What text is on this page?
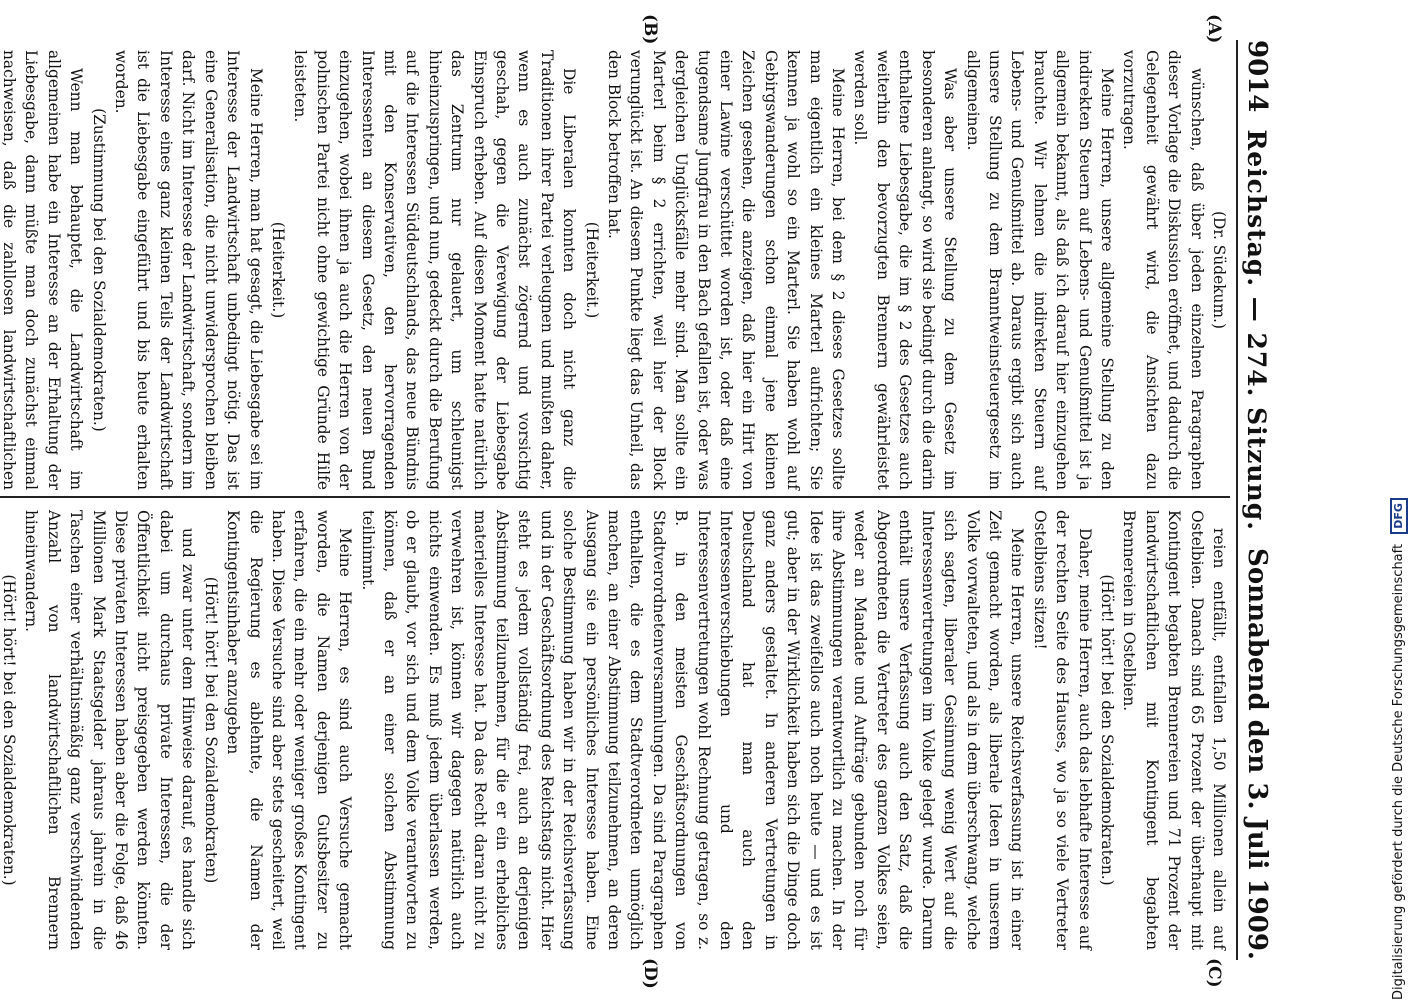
9014
Reichstag. — 274. Sitzung.
Sonnabend den 3. Juli 1909.
(A)
(B)
(C)
(D)

(Dr. Südekum.)

wünschen, daß über jeden einzelnen Paragraphen dieser Vorlage die Diskussion eröffnet, und dadurch die Gelegenheit gewährt wird, die Ansichten dazu vorzutragen.

Meine Herren, unsere allgemeine Stellung zu den indirekten Steuern auf Lebens- und Genußmittel ist ja allgemein bekannt, als daß ich darauf hier einzugehen brauchte. Wir lehnen die indirekten Steuern auf Lebens- und Genußmittel ab. Daraus ergibt sich auch unsere Stellung zu dem Branntweinsteuergesetz im allgemeinen.

Was aber unsere Stellung zu dem Gesetz im besonderen anlangt, so wird sie bedingt durch die darin enthaltene Liebesgabe, die im § 2 des Gesetzes auch weiterhin den bevorzugten Brennern gewährleistet werden soll.

Meine Herren, bei dem § 2 dieses Gesetzes sollte man eigentlich ein kleines Marterl aufrichten; Sie kennen ja wohl so ein Marterl. Sie haben wohl auf Gebirgswanderungen schon einmal jene kleinen Zeichen gesehen, die anzeigen, daß hier ein Hirt von einer Lawine verschüttet worden ist, oder daß eine tugendsame Jungfrau in den Bach gefallen ist, oder was dergleichen Unglücksfälle mehr sind. Man sollte ein Marterl beim § 2 errichten, weil hier der Block verunglückt ist. An diesem Punkte liegt das Unheil, das den Block betroffen hat.

(Heiterkeit.)

Die Liberalen konnten doch nicht ganz die Traditionen ihrer Partei verleugnen und mußten daher, wenn es auch zunächst zögernd und vorsichtig geschah, gegen die Verewigung der Liebesgabe Einspruch erheben. Auf diesen Moment hatte natürlich das Zentrum nur gelauert, um schleunigst hineinzuspringen, und nun, gedeckt durch die Berufung auf die Interessen Süddeutschlands, das neue Bündnis mit den Konservativen, den hervorragenden Interessenten an diesem Gesetz, den neuen Bund einzugehen, wobei ihnen ja auch die Herren von der polnischen Partei nicht ohne gewichtige Gründe Hilfe leisteten.

(Heiterkeit.)

Meine Herren, man hat gesagt, die Liebesgabe sei im Interesse der Landwirtschaft unbedingt nötig. Das ist eine Generalisation, die nicht unwidersprochen bleiben darf. Nicht im Interesse der Landwirtschaft, sondern im Interesse eines ganz kleinen Teils der Landwirtschaft ist die Liebesgabe eingeführt und bis heute erhalten worden.

(Zustimmung bei den Sozialdemokraten.)

Wenn man behauptet, die Landwirtschaft im allgemeinen habe ein Interesse an der Erhaltung der Liebesgabe, dann müßte man doch zunächst einmal nachweisen, daß die zahllosen landwirtschaftlichen

reien entfällt, entfallen 1,50 Millionen allein auf Ostelbien. Danach sind 65 Prozent der überhaupt mit Kontingent begabten Brennereien und 71 Prozent der landwirtschaftlichen mit Kontingent begabten Brennereien in Ostelbien.

(Hört! hört! bei den Sozialdemokraten.)

Daher, meine Herren, auch das lebhafte Interesse auf der rechten Seite des Hauses, wo ja so viele Vertreter Ostelbiens sitzen!

Meine Herren, unsere Reichsverfassung ist in einer Zeit gemacht worden, als liberale Ideen in unserem Volke vorwalteten, und als in dem überschwang, welche sich sagten, liberaler Gesinnung wenig Wert auf die Interessenvertretungen im Volke gelegt wurde. Darum enthält unsere Verfassung auch den Satz, daß die Abgeordneten die Vertreter des ganzen Volkes seien, weder an Mandate und Aufträge gebunden noch für ihre Abstimmungen verantwortlich zu machen. In der Idee ist das zweifellos auch noch heute — und es ist gut; aber in der Wirklichkeit haben sich die Dinge doch ganz anders gestaltet. In anderen Vertretungen in Deutschland hat man auch den Interessenverschiebungen und den Interessenvertretungen wohl Rechnung getragen, so z. B. in den meisten Geschäftsordnungen von Stadtverordnetenversammlungen. Da sind Paragraphen enthalten, die es dem Stadtverordneten unmöglich machen, an einer Abstimmung teilzunehmen, an deren Ausgang sie ein persönliches Interesse haben. Eine solche Bestimmung haben wir in der Reichsverfassung und in der Geschäftsordnung des Reichstags nicht. Hier steht es jedem vollständig frei, auch an derjenigen Abstimmung teilzunehmen, für die er ein erhebliches materielles Interesse hat. Da das Recht daran nicht zu verwehren ist, können wir dagegen natürlich auch nichts einwenden. Es muß jedem überlassen werden, ob er glaubt, vor sich und dem Volke verantworten zu können, daß er an einer solchen Abstimmung teilnimmt.

Meine Herren, es sind auch Versuche gemacht worden, die Namen derjenigen Gutsbesitzer zu erfahren, die ein mehr oder weniger großes Kontingent haben. Diese Versuche sind aber stets gescheitert, weil die Regierung es ablehnte, die Namen der Kontingentsinhaber anzugeben

(Hört! hört! bei den Sozialdemokraten)

und zwar unter dem Hinweise darauf, es handle sich dabei um durchaus private Interessen, die der Öffentlichkeit nicht preisgegeben werden könnten. Diese privaten Interessen haben aber die Folge, daß 46 Millionen Mark Staatsgelder jahraus jahrein in die Taschen einer verhältnismäßig ganz verschwindenden Anzahl von landwirtschaftlichen Brennern hineinwandern.

(Hört! hört! bei den Sozialdemokraten.)	Digitalisierung gefördert durch die Deutsche Forschungsgemeinschaft DFG
